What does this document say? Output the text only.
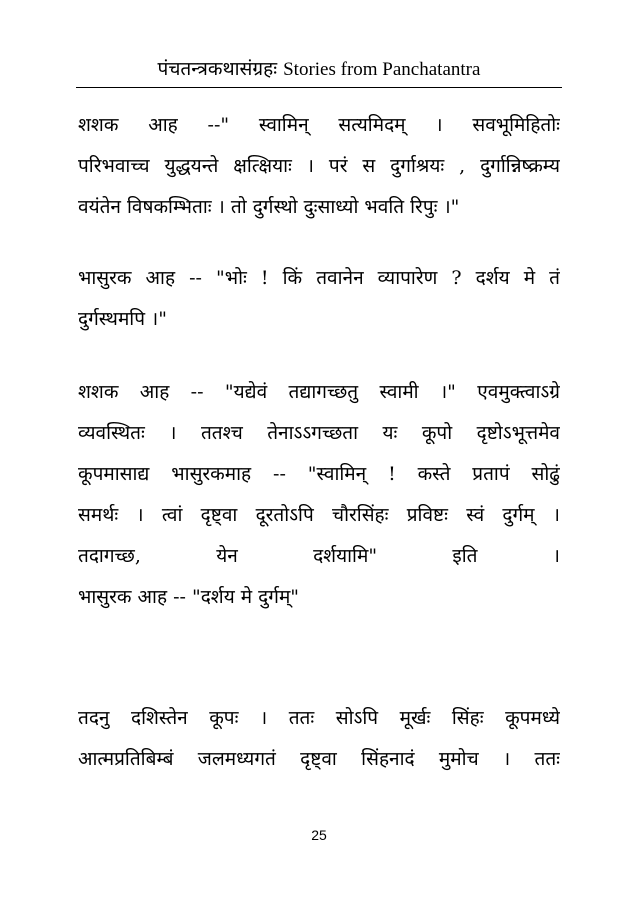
पंचतन्त्रकथासंग्रहः Stories from Panchatantra
शशक आह --" स्वामिन् सत्यमिदम् । सवभूमिहितोः
परिभवाच्च युद्धयन्ते क्षत्क्षियाः । परं स दुर्गाश्रयः , दुर्गान्निष्क्रम्य
वयंतेन विषकम्भिताः । तो दुर्गस्थो दुःसाध्यो भवति रिपुः ।"
भासुरक आह -- "भोः ! किं तवानेन व्यापारेण ? दर्शय मे तं
दुर्गस्थमपि ।"
शशक आह -- "यद्येवं तद्यागच्छतु स्वामी ।" एवमुक्त्वाऽग्रे
व्यवस्थितः । ततश्च तेनाऽऽगच्छता यः कूपो दृष्टोऽभूत्तमेव
कूपमासाद्य भासुरकमाह -- "स्वामिन् ! कस्ते प्रतापं सोढुं
समर्थः । त्वां दृष्ट्वा दूरतोऽपि चौरसिंहः प्रविष्टः स्वं दुर्गम् ।
तदागच्छ, येन दर्शयामि" इति ।
भासुरक आह -- "दर्शय मे दुर्गम्"
तदनु दशिस्तेन कूपः । ततः सोऽपि मूर्खः सिंहः कूपमध्ये
आत्मप्रतिबिम्बं जलमध्यगतं दृष्ट्वा सिंहनादं मुमोच । ततः
25
